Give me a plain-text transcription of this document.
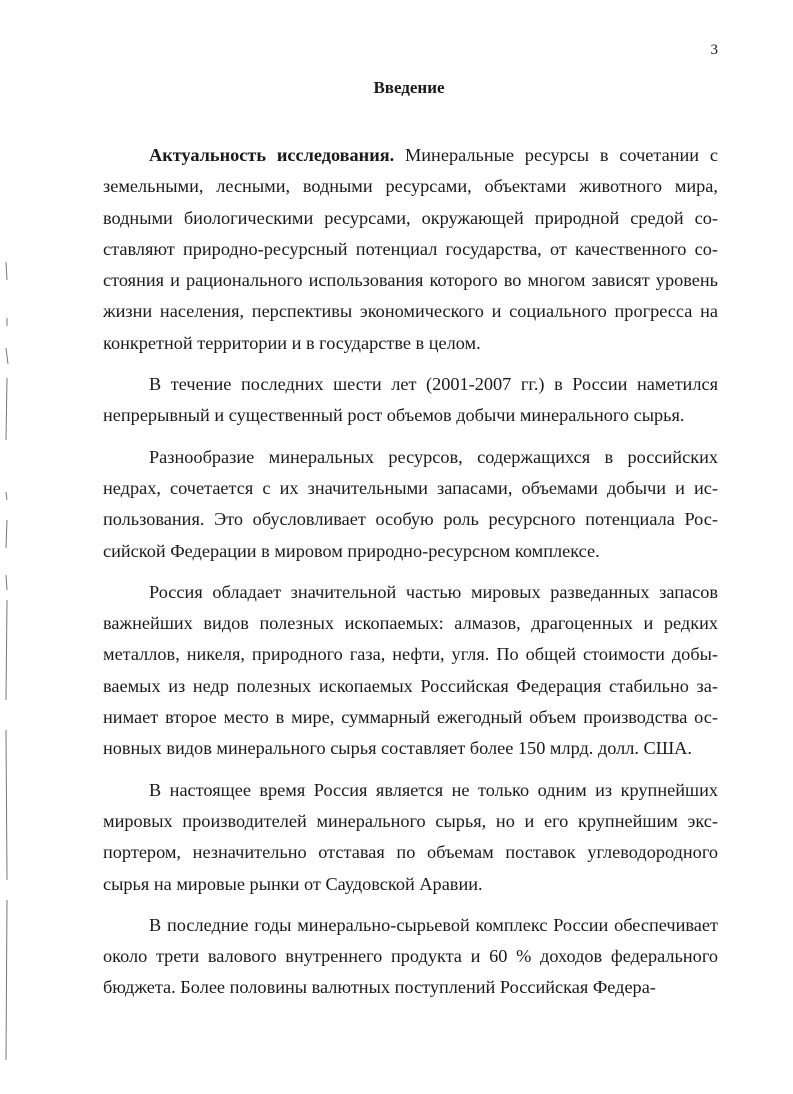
3
Введение

Актуальность исследования. Минеральные ресурсы в сочетании с земельными, лесными, водными ресурсами, объектами животного мира, водными биологическими ресурсами, окружающей природной средой составляют природно-ресурсный потенциал государства, от качественного состояния и рационального использования которого во многом зависят уровень жизни населения, перспективы экономического и социального прогресса на конкретной территории и в государстве в целом.

В течение последних шести лет (2001-2007 гг.) в России наметился непрерывный и существенный рост объемов добычи минерального сырья.

Разнообразие минеральных ресурсов, содержащихся в российских недрах, сочетается с их значительными запасами, объемами добычи и использования. Это обусловливает особую роль ресурсного потенциала Российской Федерации в мировом природно-ресурсном комплексе.

Россия обладает значительной частью мировых разведанных запасов важнейших видов полезных ископаемых: алмазов, драгоценных и редких металлов, никеля, природного газа, нефти, угля. По общей стоимости добываемых из недр полезных ископаемых Российская Федерация стабильно занимает второе место в мире, суммарный ежегодный объем производства основных видов минерального сырья составляет более 150 млрд. долл. США.

В настоящее время Россия является не только одним из крупнейших мировых производителей минерального сырья, но и его крупнейшим экспортером, незначительно отставая по объемам поставок углеводородного сырья на мировые рынки от Саудовской Аравии.

В последние годы минерально-сырьевой комплекс России обеспечивает около трети валового внутреннего продукта и 60 % доходов федерального бюджета. Более половины валютных поступлений Российская Федера-
